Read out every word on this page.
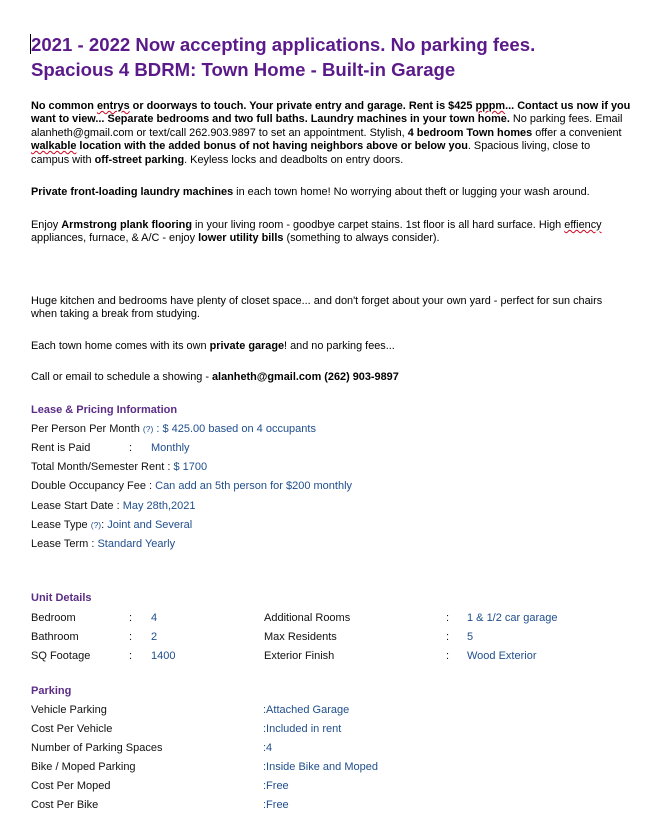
2021 - 2022 Now accepting applications. No parking fees.
Spacious 4 BDRM: Town Home - Built-in Garage

No common entrys or doorways to touch. Your private entry and garage. Rent is $425 pppm... Contact us now if you want to view... Separate bedrooms and two full baths. Laundry machines in your town home. No parking fees. Email alanheth@gmail.com or text/call 262.903.9897 to set an appointment. Stylish, 4 bedroom Town homes offer a convenient walkable location with the added bonus of not having neighbors above or below you. Spacious living, close to campus with off-street parking. Keyless locks and deadbolts on entry doors.

Private front-loading laundry machines in each town home! No worrying about theft or lugging your wash around.

Enjoy Armstrong plank flooring in your living room - goodbye carpet stains. 1st floor is all hard surface. High effiency appliances, furnace, & A/C - enjoy lower utility bills (something to always consider).

Huge kitchen and bedrooms have plenty of closet space... and don't forget about your own yard - perfect for sun chairs when taking a break from studying.

Each town home comes with its own private garage! and no parking fees...

Call or email to schedule a showing - alanheth@gmail.com (262) 903-9897

Lease & Pricing Information
Per Person Per Month (?) : $ 425.00 based on 4 occupants
Rent is Paid	: Monthly
Total Month/Semester Rent : $ 1700
Double Occupancy Fee : Can add an 5th person for $200 monthly
Lease Start Date : May 28th,2021
Lease Type (?): Joint and Several
Lease Term : Standard Yearly
Unit Details
Bedroom	: 4	Additional Rooms	: 1 & 1/2 car garage
Bathroom	: 2	Max Residents	: 5
SQ Footage	: 1400	Exterior Finish	: Wood Exterior
Parking
Vehicle Parking	:Attached Garage
Cost Per Vehicle	:Included in rent
Number of Parking Spaces	:4
Bike / Moped Parking	:Inside Bike and Moped
Cost Per Moped	:Free
Cost Per Bike	:Free
